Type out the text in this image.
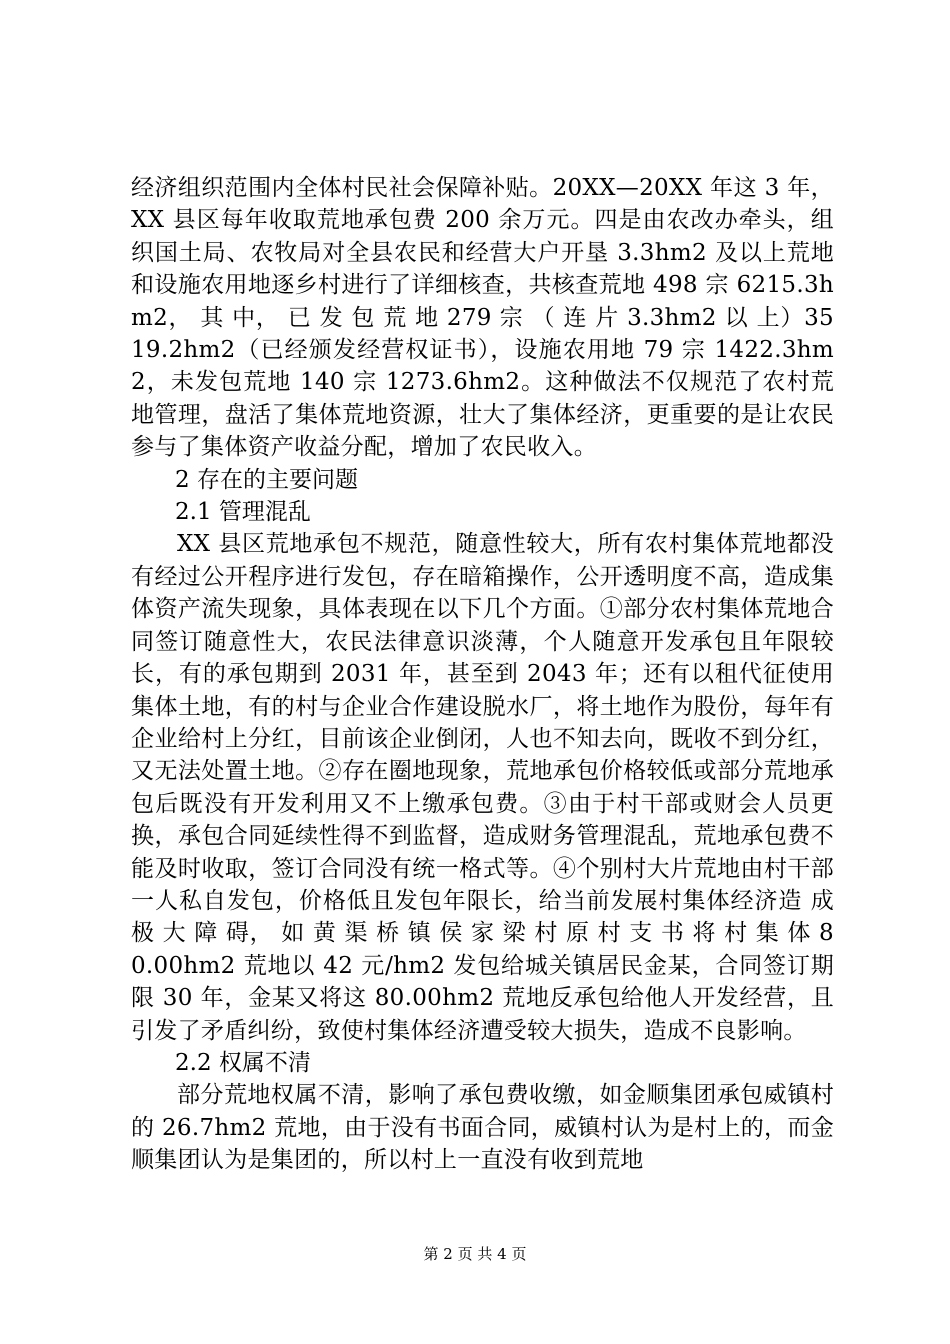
经济组织范围内全体村民社会保障补贴。20XX—20XX 年这 3 年，XX 县区每年收取荒地承包费 200 余万元。四是由农改办牵头，组织国土局、农牧局对全县农民和经营大户开垦 3.3hm2 及以上荒地和设施农用地逐乡村进行了详细核查，共核查荒地 498 宗 6215.3hm2， 其 中， 已 发 包 荒 地 279 宗 （ 连 片 3.3hm2 以 上）3519.2hm2（已经颁发经营权证书），设施农用地 79 宗 1422.3hm2，未发包荒地 140 宗 1273.6hm2。这种做法不仅规范了农村荒地管理，盘活了集体荒地资源，壮大了集体经济，更重要的是让农民参与了集体资产收益分配，增加了农民收入。

2 存在的主要问题

2.1 管理混乱

XX 县区荒地承包不规范，随意性较大，所有农村集体荒地都没有经过公开程序进行发包，存在暗箱操作，公开透明度不高，造成集体资产流失现象，具体表现在以下几个方面。①部分农村集体荒地合同签订随意性大，农民法律意识淡薄，个人随意开发承包且年限较长，有的承包期到 2031 年，甚至到 2043 年；还有以租代征使用集体土地，有的村与企业合作建设脱水厂，将土地作为股份，每年有企业给村上分红，目前该企业倒闭，人也不知去向，既收不到分红，又无法处置土地。②存在圈地现象，荒地承包价格较低或部分荒地承包后既没有开发利用又不上缴承包费。③由于村干部或财会人员更换，承包合同延续性得不到监督，造成财务管理混乱，荒地承包费不能及时收取，签订合同没有统一格式等。④个别村大片荒地由村干部一人私自发包，价格低且发包年限长，给当前发展村集体经济造 成 极 大 障 碍， 如 黄 渠 桥 镇 侯 家 梁 村 原 村 支 书 将 村 集 体 80.00hm2 荒地以 42 元/hm2 发包给城关镇居民金某，合同签订期限 30 年，金某又将这 80.00hm2 荒地反承包给他人开发经营，且引发了矛盾纠纷，致使村集体经济遭受较大损失，造成不良影响。

2.2 权属不清

部分荒地权属不清，影响了承包费收缴，如金顺集团承包威镇村的 26.7hm2 荒地，由于没有书面合同，威镇村认为是村上的，而金顺集团认为是集团的，所以村上一直没有收到荒地

第 2 页 共 4 页
